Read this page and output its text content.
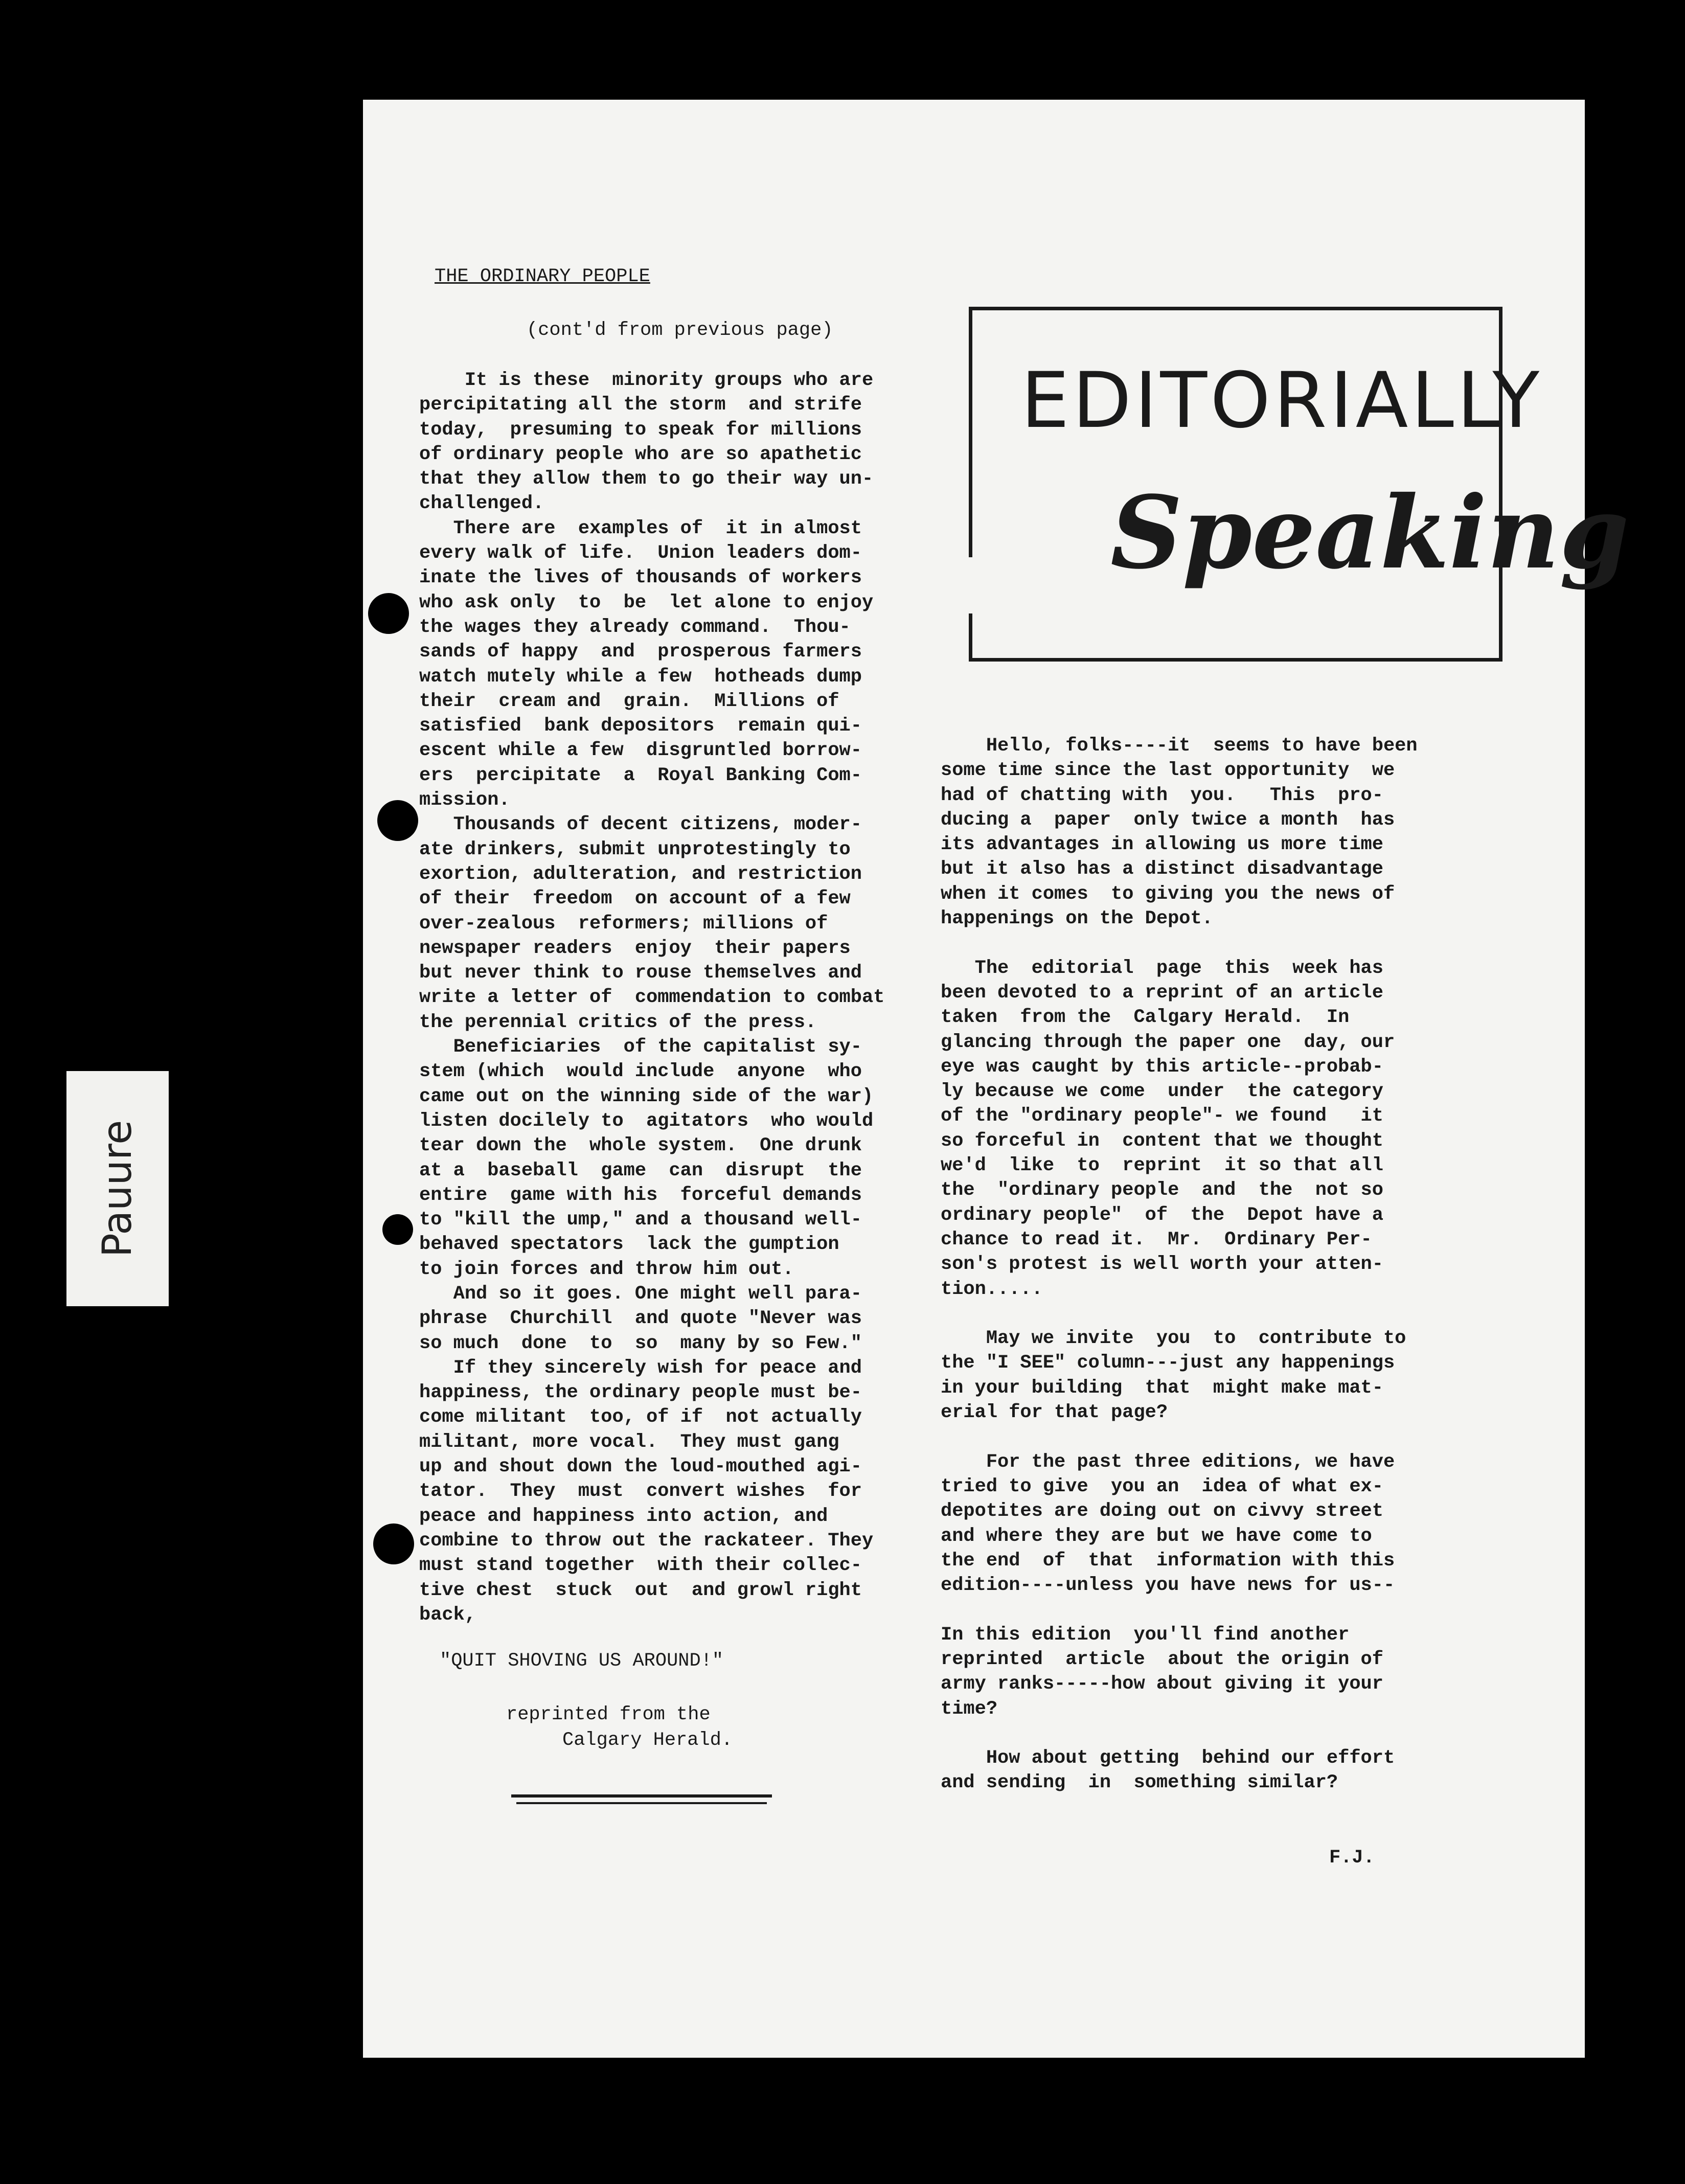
Pauure
THE ORDINARY PEOPLE
(cont'd from previous page)
It is these  minority groups who are
percipitating all the storm  and strife
today,  presuming to speak for millions
of ordinary people who are so apathetic
that they allow them to go their way un-
challenged.
There are  examples of  it in almost
every walk of life.  Union leaders dom-
inate the lives of thousands of workers
who ask only  to  be  let alone to enjoy
the wages they already command.  Thou-
sands of happy  and  prosperous farmers
watch mutely while a few  hotheads dump
their  cream and  grain.  Millions of
satisfied  bank depositors  remain qui-
escent while a few  disgruntled borrow-
ers  percipitate  a  Royal Banking Com-
mission.
Thousands of decent citizens, moder-
ate drinkers, submit unprotestingly to
exortion, adulteration, and restriction
of their  freedom  on account of a few
over-zealous  reformers; millions of
newspaper readers  enjoy  their papers
but never think to rouse themselves and
write a letter of  commendation to combat
the perennial critics of the press.
Beneficiaries  of the capitalist sy-
stem (which  would include  anyone  who
came out on the winning side of the war)
listen docilely to  agitators  who would
tear down the  whole system.  One drunk
at a  baseball  game  can  disrupt  the
entire  game with his  forceful demands
to "kill the ump," and a thousand well-
behaved spectators  lack the gumption
to join forces and throw him out.
And so it goes. One might well para-
phrase  Churchill  and quote "Never was
so much  done  to  so  many by so Few."
If they sincerely wish for peace and
happiness, the ordinary people must be-
come militant  too, of if  not actually
militant, more vocal.  They must gang
up and shout down the loud-mouthed agi-
tator.  They  must  convert wishes  for
peace and happiness into action, and
combine to throw out the rackateer. They
must stand together  with their collec-
tive chest  stuck  out  and growl right
back,
"QUIT SHOVING US AROUND!"
reprinted from the
Calgary Herald.
EDITORIALLY
Speaking
Hello, folks----it  seems to have been
some time since the last opportunity  we
had of chatting with  you.   This  pro-
ducing a  paper  only twice a month  has
its advantages in allowing us more time
but it also has a distinct disadvantage
when it comes  to giving you the news of
happenings on the Depot.

The  editorial  page  this  week has
been devoted to a reprint of an article
taken  from the  Calgary Herald.  In
glancing through the paper one  day, our
eye was caught by this article--probab-
ly because we come  under  the category
of the "ordinary people"- we found   it
so forceful in  content that we thought
we'd  like  to  reprint  it so that all
the  "ordinary people  and  the  not so
ordinary people"  of  the  Depot have a
chance to read it.  Mr.  Ordinary Per-
son's protest is well worth your atten-
tion.....

May we invite  you  to  contribute to
the "I SEE" column---just any happenings
in your building  that  might make mat-
erial for that page?

For the past three editions, we have
tried to give  you an  idea of what ex-
depotites are doing out on civvy street
and where they are but we have come to
the end  of  that  information with this
edition----unless you have news for us--

In this edition  you'll find another
reprinted  article  about the origin of
army ranks-----how about giving it your
time?

How about getting  behind our effort
and sending  in  something similar?
F.J.
